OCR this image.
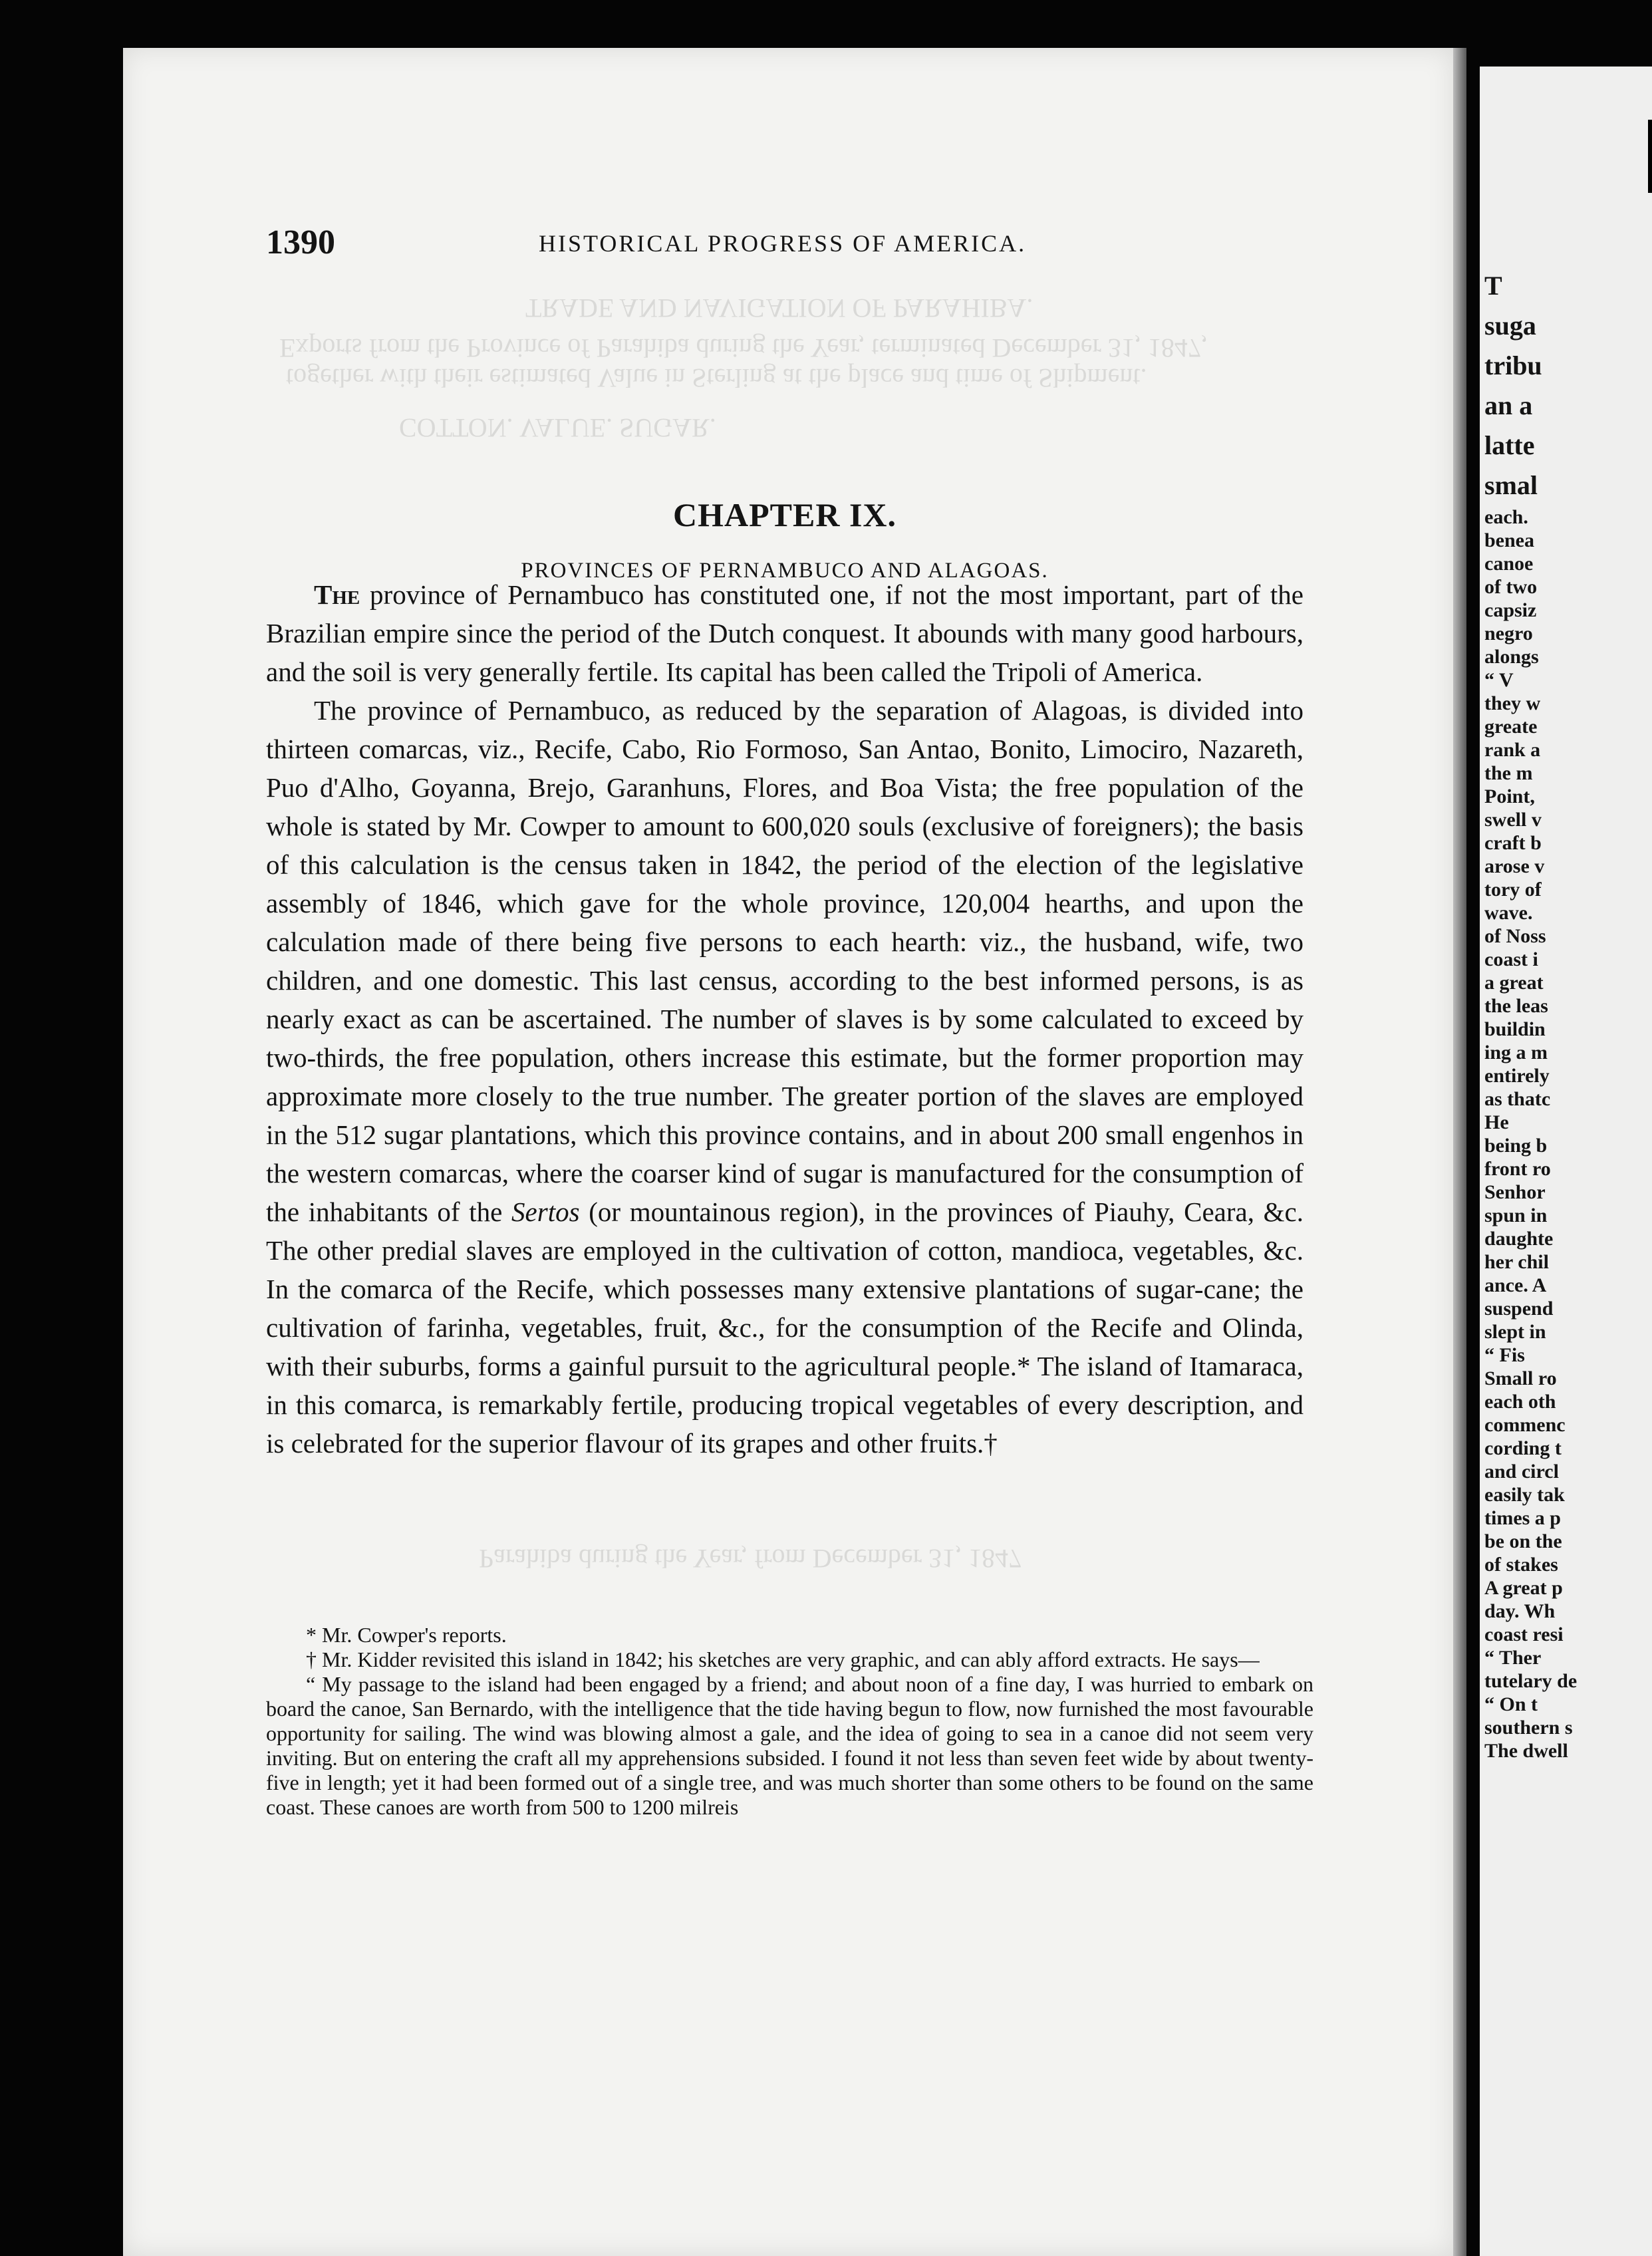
TRADE AND NAVIGATION OF PARAHIBA.
Exports from the Province of Parahiba during the Year, terminated December 31, 1847,
together with their estimated Value in Sterling at the place and time of Shipment.
COTTON. VALUE. SUGAR.
Parahiba during the Year, from December 31, 1847
1390	HISTORICAL PROGRESS OF AMERICA.
CHAPTER IX.
PROVINCES OF PERNAMBUCO AND ALAGOAS.

The province of Pernambuco has constituted one, if not the most important, part of the Brazilian empire since the period of the Dutch conquest. It abounds with many good harbours, and the soil is very generally fertile. Its capital has been called the Tripoli of America.

The province of Pernambuco, as reduced by the separation of Alagoas, is divided into thirteen comarcas, viz., Recife, Cabo, Rio Formoso, San Antao, Bonito, Limociro, Nazareth, Puo d'Alho, Goyanna, Brejo, Garanhuns, Flores, and Boa Vista; the free population of the whole is stated by Mr. Cowper to amount to 600,020 souls (exclusive of foreigners); the basis of this calculation is the census taken in 1842, the period of the election of the legislative assembly of 1846, which gave for the whole province, 120,004 hearths, and upon the calculation made of there being five persons to each hearth: viz., the husband, wife, two children, and one domestic. This last census, according to the best informed persons, is as nearly exact as can be ascertained. The number of slaves is by some calculated to exceed by two-thirds, the free population, others increase this estimate, but the former proportion may approximate more closely to the true number. The greater portion of the slaves are employed in the 512 sugar plantations, which this province contains, and in about 200 small engenhos in the western comarcas, where the coarser kind of sugar is manufactured for the consumption of the inhabitants of the Sertos (or mountainous region), in the provinces of Piauhy, Ceara, &c. The other predial slaves are employed in the cultivation of cotton, mandioca, vegetables, &c. In the comarca of the Recife, which possesses many extensive plantations of sugar-cane; the cultivation of farinha, vegetables, fruit, &c., for the consumption of the Recife and Olinda, with their suburbs, forms a gainful pursuit to the agricultural people.* The island of Itamaraca, in this comarca, is remarkably fertile, producing tropical vegetables of every description, and is celebrated for the superior flavour of its grapes and other fruits.†

* Mr. Cowper's reports.

† Mr. Kidder revisited this island in 1842; his sketches are very graphic, and can ably afford extracts. He says—

“ My passage to the island had been engaged by a friend; and about noon of a fine day, I was hurried to embark on board the canoe, San Bernardo, with the intelligence that the tide having begun to flow, now furnished the most favourable opportunity for sailing. The wind was blowing almost a gale, and the idea of going to sea in a canoe did not seem very inviting. But on entering the craft all my apprehensions subsided. I found it not less than seven feet wide by about twenty-five in length; yet it had been formed out of a single tree, and was much shorter than some others to be found on the same coast. These canoes are worth from 500 to 1200 milreis

T
suga
tribu
an a
latte
smal
each.
benea
canoe
of two
capsiz
negro
alongs
“ V
they w
greate
rank a
the m
Point,
swell v
craft b
arose v
tory of
wave.
of Noss
coast i
a great
the leas
buildin
ing a m
entirely
as thatc
He
being b
front ro
Senhor
spun in
daughte
her chil
ance. A
suspend
slept in
“ Fis
Small ro
each oth
commenc
cording t
and circl
easily tak
times a p
be on the
of stakes
A great p
day. Wh
coast resi
“ Ther
tutelary de
“ On t
southern s
The dwell
